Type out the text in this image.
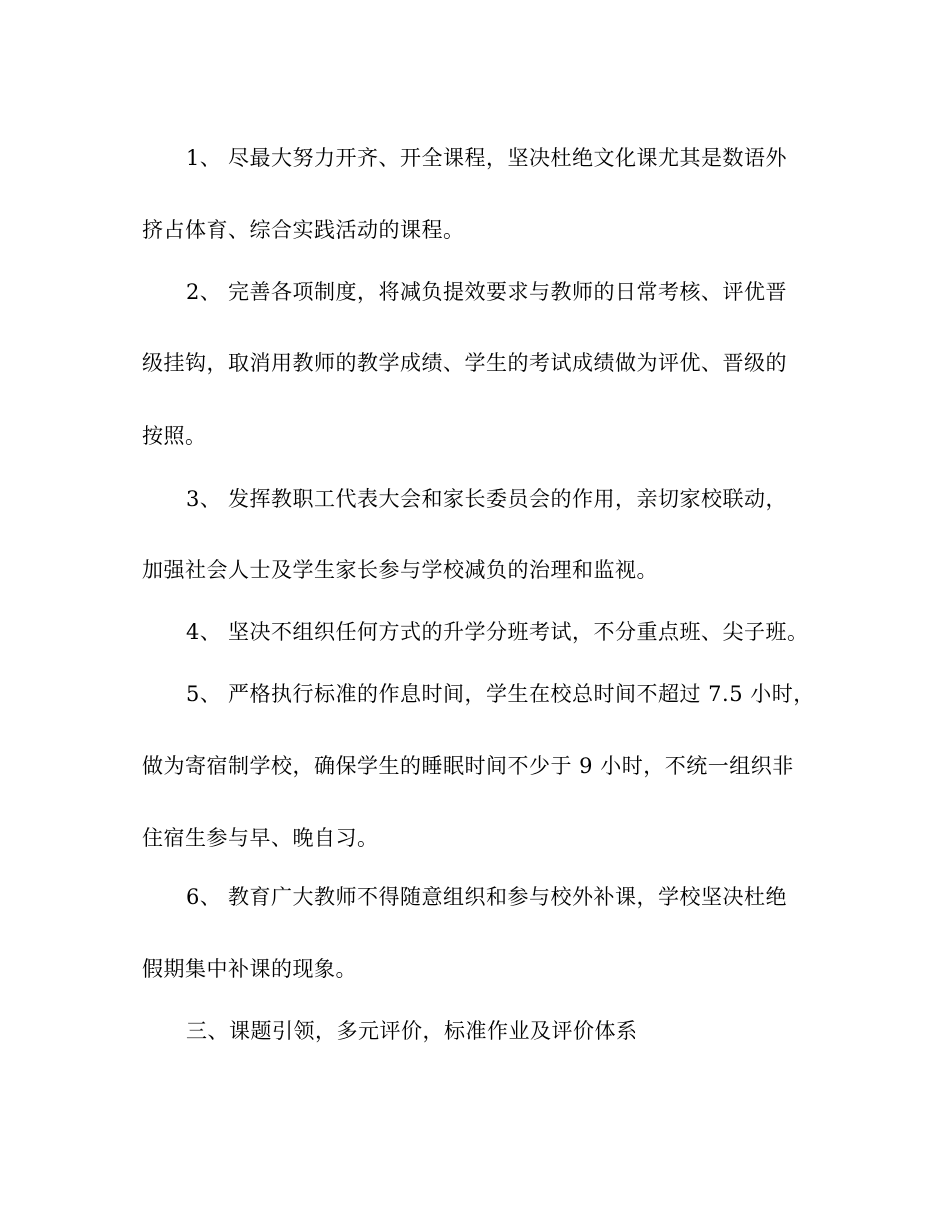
1、 尽最大努力开齐、开全课程，坚决杜绝文化课尤其是数语外
挤占体育、综合实践活动的课程。
2、 完善各项制度，将减负提效要求与教师的日常考核、评优晋
级挂钩，取消用教师的教学成绩、学生的考试成绩做为评优、晋级的
按照。
3、 发挥教职工代表大会和家长委员会的作用，亲切家校联动，
加强社会人士及学生家长参与学校减负的治理和监视。
4、 坚决不组织任何方式的升学分班考试，不分重点班、尖子班。
5、 严格执行标准的作息时间，学生在校总时间不超过 7.5 小时，
做为寄宿制学校，确保学生的睡眠时间不少于 9 小时，不统一组织非
住宿生参与早、晚自习。
6、 教育广大教师不得随意组织和参与校外补课，学校坚决杜绝
假期集中补课的现象。
三、课题引领，多元评价，标准作业及评价体系
